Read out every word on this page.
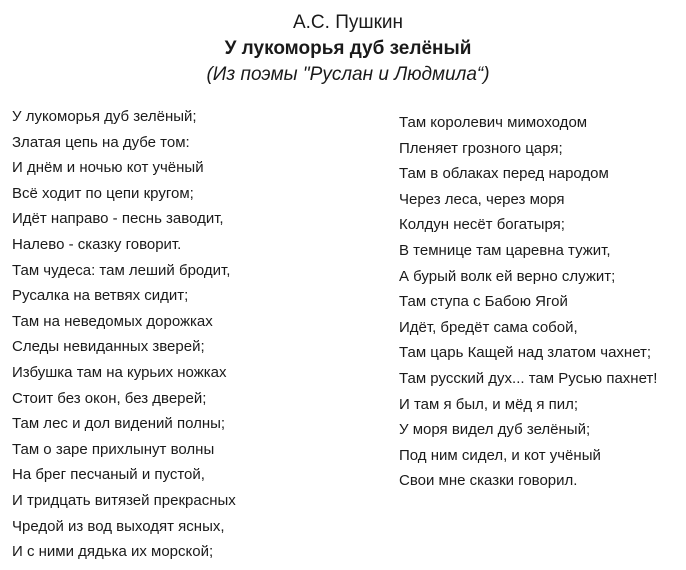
А.С. Пушкин
У лукоморья дуб зелёный
(Из поэмы "Руслан и Людмила“)
У лукоморья дуб зелёный;
Златая цепь на дубе том:
И днём и ночью кот учёный
Всё ходит по цепи кругом;
Идёт направо - песнь заводит,
Налево - сказку говорит.
Там чудеса: там леший бродит,
Русалка на ветвях сидит;
Там на неведомых дорожках
Следы невиданных зверей;
Избушка там на курьих ножках
Стоит без окон, без дверей;
Там лес и дол видений полны;
Там о заре прихлынут волны
На брег песчаный и пустой,
И тридцать витязей прекрасных
Чредой из вод выходят ясных,
И с ними дядька их морской;
Там королевич мимоходом
Пленяет грозного царя;
Там в облаках перед народом
Через леса, через моря
Колдун несёт богатыря;
В темнице там царевна тужит,
А бурый волк ей верно служит;
Там ступа с Бабою Ягой
Идёт, бредёт сама собой,
Там царь Кащей над златом чахнет;
Там русский дух... там Русью пахнет!
И там я был, и мёд я пил;
У моря видел дуб зелёный;
Под ним сидел, и кот учёный
Свои мне сказки говорил.
